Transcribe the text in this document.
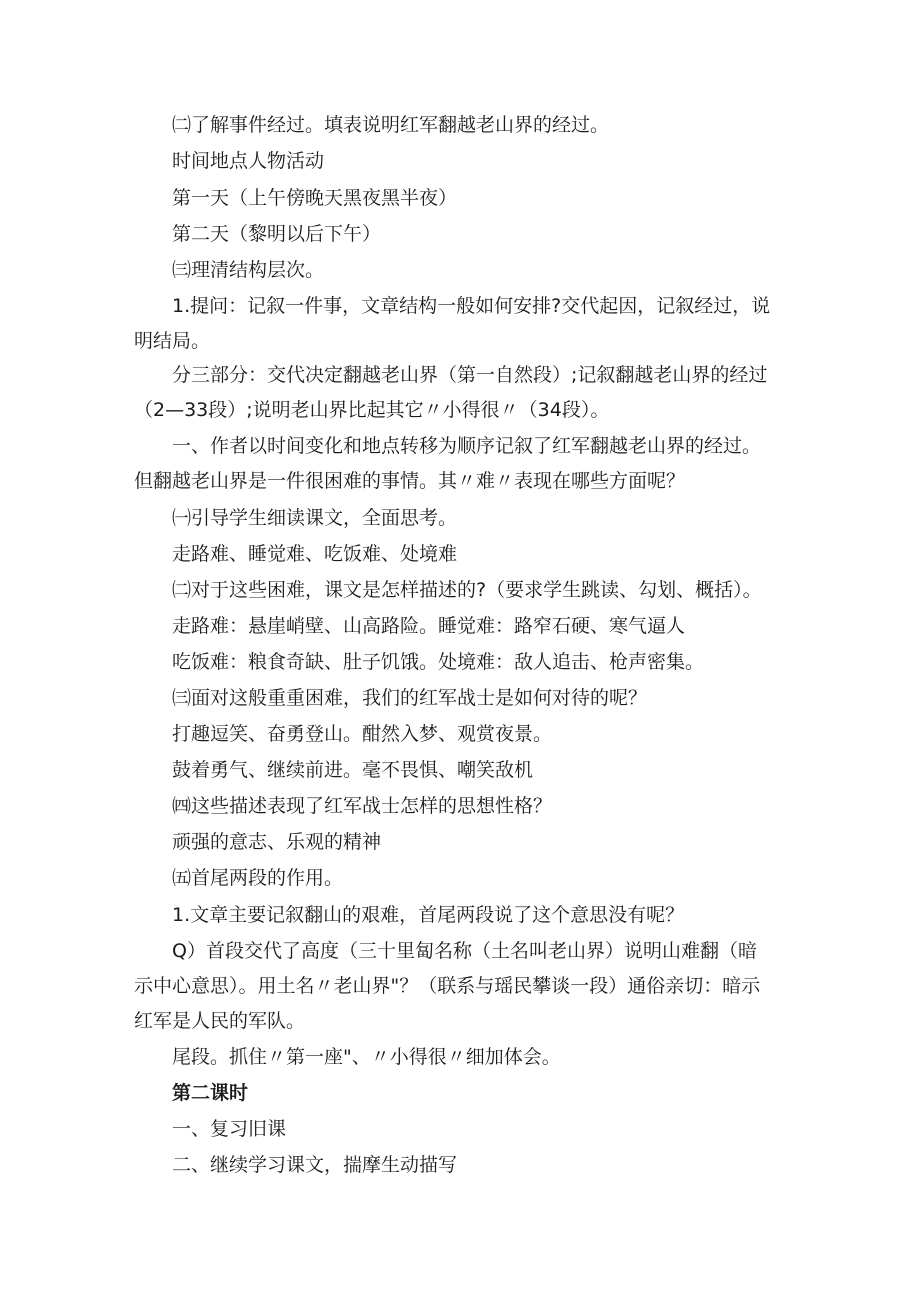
㈡了解事件经过。填表说明红军翻越老山界的经过。
时间地点人物活动
第一天（上午傍晚天黑夜黑半夜）
第二天（黎明以后下午）
㈢理清结构层次。
1.提问：记叙一件事，文章结构一般如何安排?交代起因，记叙经过，说
明结局。
分三部分：交代决定翻越老山界（第一自然段）;记叙翻越老山界的经过
（2—33段）;说明老山界比起其它〃小得很〃（34段）。
一、作者以时间变化和地点转移为顺序记叙了红军翻越老山界的经过。
但翻越老山界是一件很困难的事情。其〃难〃表现在哪些方面呢？
㈠引导学生细读课文，全面思考。
走路难、睡觉难、吃饭难、处境难
㈡对于这些困难，课文是怎样描述的?（要求学生跳读、勾划、概括）。
走路难：悬崖峭壁、山高路险。睡觉难：路窄石硬、寒气逼人
吃饭难：粮食奇缺、肚子饥饿。处境难：敌人追击、枪声密集。
㈢面对这般重重困难，我们的红军战士是如何对待的呢？
打趣逗笑、奋勇登山。酣然入梦、观赏夜景。
鼓着勇气、继续前进。毫不畏惧、嘲笑敌机
㈣这些描述表现了红军战士怎样的思想性格？
顽强的意志、乐观的精神
㈤首尾两段的作用。
1.文章主要记叙翻山的艰难，首尾两段说了这个意思没有呢？
Q）首段交代了高度（三十里匐名称（土名叫老山界）说明山难翻（暗
示中心意思）。用土名〃老山界"？（联系与瑶民攀谈一段）通俗亲切：暗示
红军是人民的军队。
尾段。抓住〃第一座"、〃小得很〃细加体会。
第二课时
一、复习旧课
二、继续学习课文，揣摩生动描写
